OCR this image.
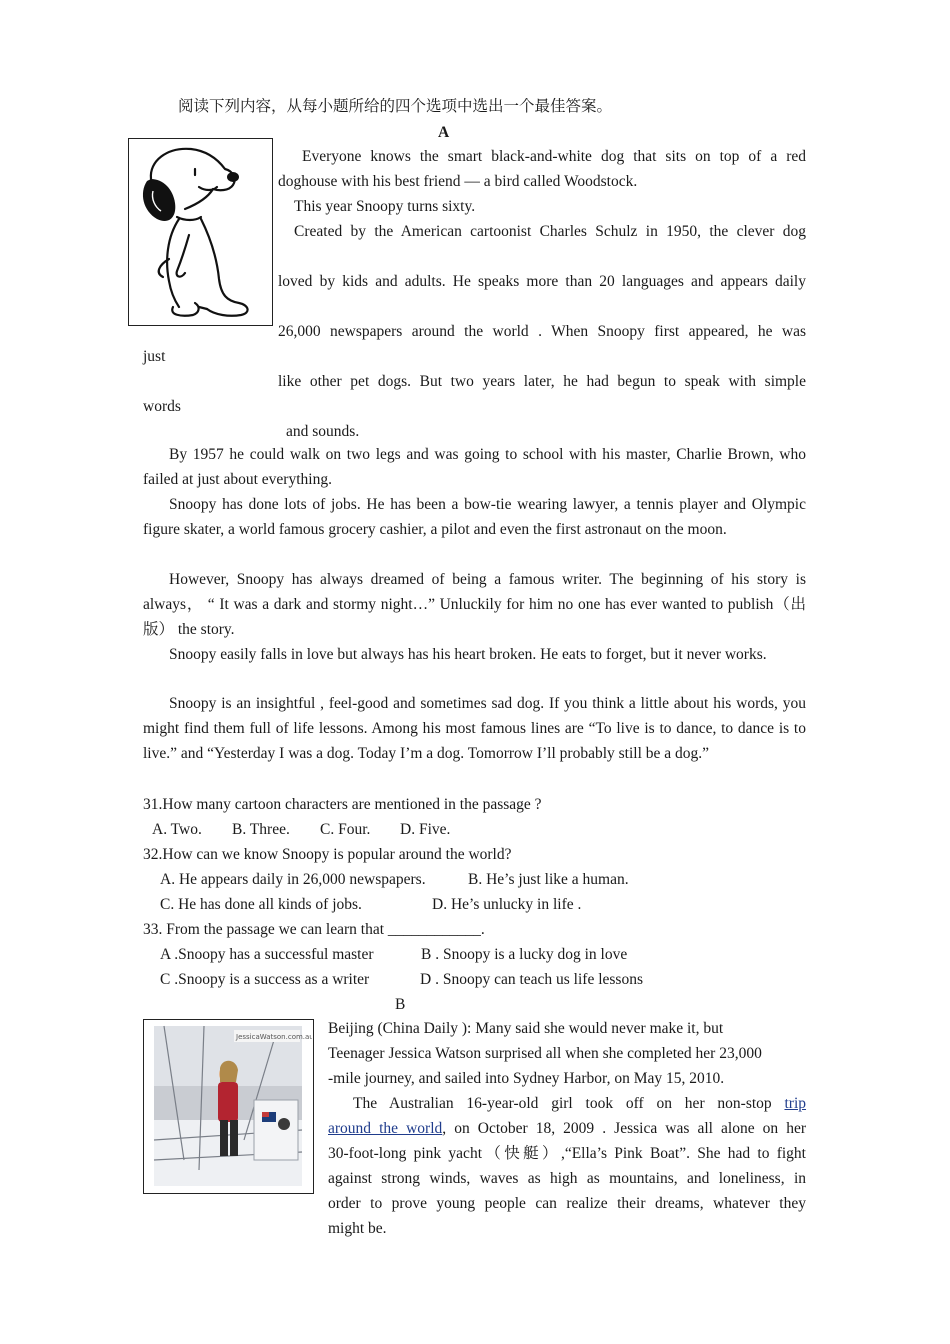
阅读下列内容，从每小题所给的四个选项中选出一个最佳答案。
A
Everyone knows the smart black-and-white dog that sits on top of a red
doghouse with his best friend — a bird called Woodstock.
This year Snoopy turns sixty.
Created by the American cartoonist Charles Schulz in 1950, the clever dog
loved by kids and adults. He speaks more than 20 languages and appears daily
26,000 newspapers around the world . When Snoopy first appeared, he was
just
like other pet dogs. But two years later, he had begun to speak with simple
words
and sounds.
By 1957 he could walk on two legs and was going to school with his master, Charlie Brown, who failed at just about everything.
Snoopy has done lots of jobs. He has been a bow-tie wearing lawyer, a tennis player and Olympic figure skater, a world famous grocery cashier, a pilot and even the first astronaut on the moon.
However, Snoopy has always dreamed of being a famous writer. The beginning of his story is always， “ It was a dark and stormy night…” Unluckily for him no one has ever wanted to publish（出版） the story.
Snoopy easily falls in love but always has his heart broken. He eats to forget, but it never works.
Snoopy is an insightful , feel-good and sometimes sad dog. If you think a little about his words, you might find them full of life lessons. Among his most famous lines are “To live is to dance, to dance is to live.” and “Yesterday I was a dog. Today I’m a dog. Tomorrow I’ll probably still be a dog.”
31.How many cartoon characters are mentioned in the passage ?
A. Two. B. Three. C. Four. D. Five.
32.How can we know Snoopy is popular around the world?
A. He appears daily in 26,000 newspapers.	B. He’s just like a human.
C. He has done all kinds of jobs.	D. He’s unlucky in life .
33. From the passage we can learn that ____________.
A .Snoopy has a successful master	B . Snoopy is a lucky dog in love
C .Snoopy is a success as a writer	D . Snoopy can teach us life lessons
B
JessicaWatson.com.au Beijing (China Daily ): Many said she would never make it, but
Teenager Jessica Watson surprised all when she completed her 23,000
-mile journey, and sailed into Sydney Harbor, on May 15, 2010.
The Australian 16-year-old girl took off on her non-stop trip
around the world, on October 18, 2009 . Jessica was all alone on her
30-foot-long pink yacht（快艇）,“Ella’s Pink Boat”. She had to fight
against strong winds, waves as high as mountains, and loneliness, in
order to prove young people can realize their dreams, whatever they
might be.
